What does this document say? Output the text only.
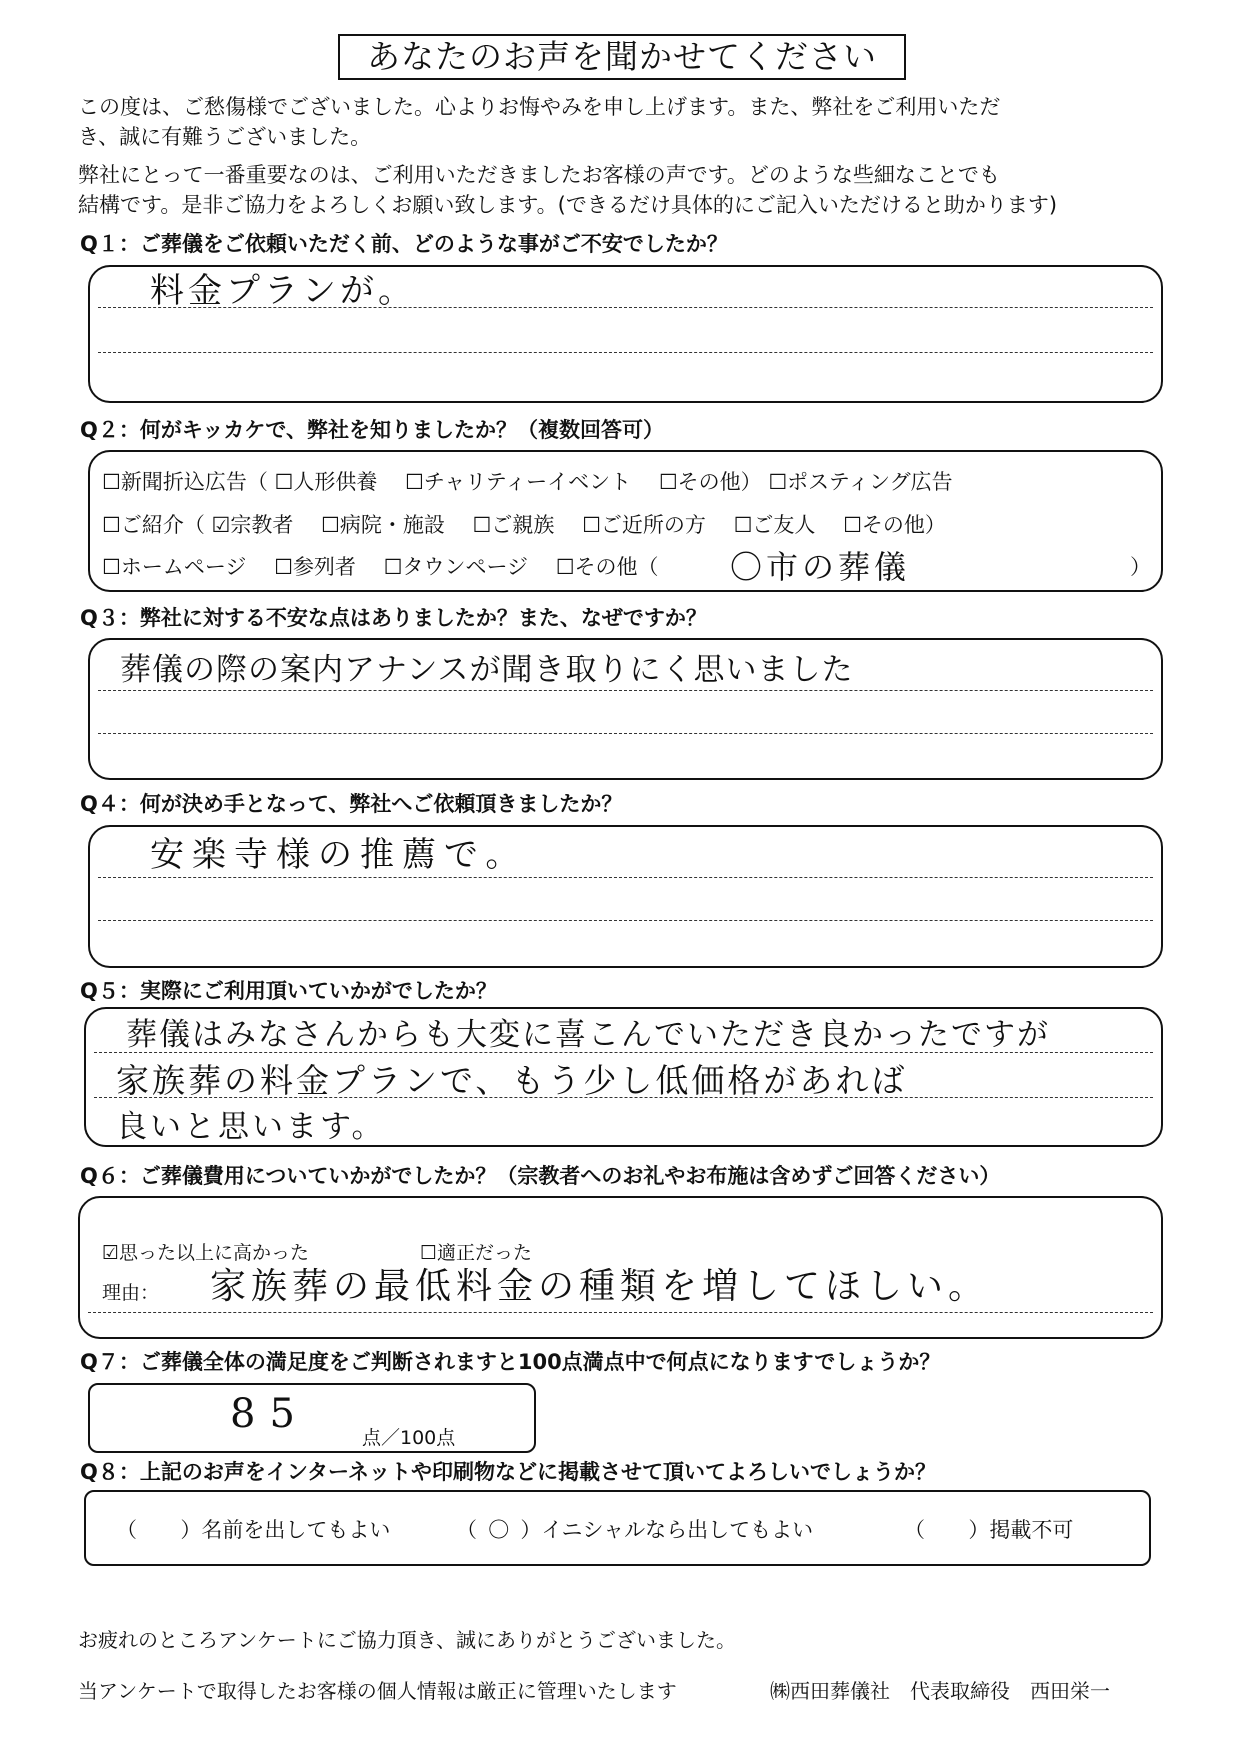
あなたのお声を聞かせてください
この度は、ご愁傷様でございました。心よりお悔やみを申し上げます。また、弊社をご利用いただ
き、誠に有難うございました。
弊社にとって一番重要なのは、ご利用いただきましたお客様の声です。どのような些細なことでも
結構です。是非ご協力をよろしくお願い致します。(できるだけ具体的にご記入いただけると助かります)
Q１：ご葬儀をご依頼いただく前、どのような事がご不安でしたか？
料金プランが。
Q２：何がキッカケで、弊社を知りましたか？（複数回答可）
☐新聞折込広告（ ☐人形供養　 ☐チャリティーイベント　 ☐その他） ☐ポスティング広告
☐ご紹介（ ☑宗教者　 ☐病院・施設　 ☐ご親族　 ☐ご近所の方　 ☐ご友人　 ☐その他）
☐ホームページ　 ☐参列者　 ☐タウンページ　 ☐その他（ 〇市の葬儀	）
Q３：弊社に対する不安な点はありましたか？また、なぜですか？
葬儀の際の案内アナンスが聞き取りにく思いました
Q４：何が決め手となって、弊社へご依頼頂きましたか？
安楽寺様の推薦で。
Q５：実際にご利用頂いていかがでしたか？
葬儀はみなさんからも大変に喜こんでいただき良かったですが
家族葬の料金プランで、もう少し低価格があれば
良いと思います。
Q６：ご葬儀費用についていかがでしたか？（宗教者へのお礼やお布施は含めずご回答ください）
☑思った以上に高かった	☐適正だった
理由： 家族葬の最低料金の種類を増してほしい。
Q７：ご葬儀全体の満足度をご判断されますと100点満点中で何点になりますでしょうか？
85
点／100点
Q８：上記のお声をインターネットや印刷物などに掲載させて頂いてよろしいでしょうか？
（  ）名前を出してもよい	（ 〇 ）イニシャルなら出してもよい	（  ）掲載不可
お疲れのところアンケートにご協力頂き、誠にありがとうございました。
当アンケートで取得したお客様の個人情報は厳正に管理いたします	㈱西田葬儀社　代表取締役　西田栄一
